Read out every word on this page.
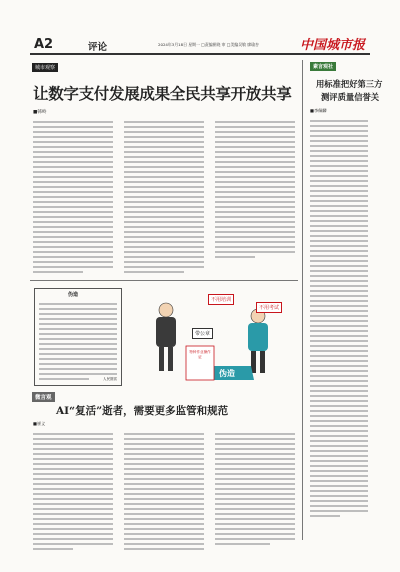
A2	评论	2024年3月18日 星期一 □责编崔晓 审 □美编吴敏 廖瑜杏	中国城市报
城市观察
让数字支付发展成果全民共享开放共享
■韩岭
素言观社
用标准把好第三方
测评质量信誉关
■李佩麟
伪造
人民图赏
不用培训
不用考试
带公章
特种作业操作证
伪造
微言观
AI“复活”逝者，需要更多监管和规范
■崔义
